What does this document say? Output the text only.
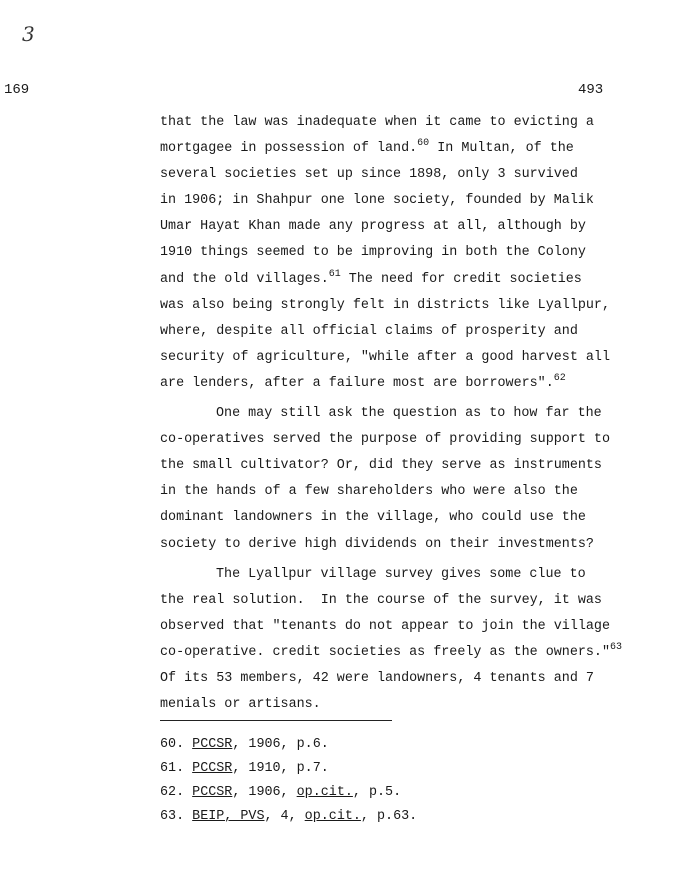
3
169	493
that the law was inadequate when it came to evicting a
mortgagee in possession of land.$^{60}$ In Multan, of the
several societies set up since 1898, only 3 survived
in 1906; in Shahpur one lone society, founded by Malik
Umar Hayat Khan made any progress at all, although by
1910 things seemed to be improving in both the Colony
and the old villages.$^{61}$ The need for credit societies
was also being strongly felt in districts like Lyallpur,
where, despite all official claims of prosperity and
security of agriculture, "while after a good harvest all
are lenders, after a failure most are borrowers".$^{62}$
One may still ask the question as to how far the
co-operatives served the purpose of providing support to
the small cultivator? Or, did they serve as instruments
in the hands of a few shareholders who were also the
dominant landowners in the village, who could use the
society to derive high dividends on their investments?
The Lyallpur village survey gives some clue to
the real solution.  In the course of the survey, it was
observed that "tenants do not appear to join the village
co-operative. credit societies as freely as the owners."$^{63}$
Of its 53 members, 42 were landowners, 4 tenants and 7
menials or artisans.
60. PCCSR, 1906, p.6.
61. PCCSR, 1910, p.7.
62. PCCSR, 1906, op.cit., p.5.
63. BEIP, PVS, 4, op.cit., p.63.
